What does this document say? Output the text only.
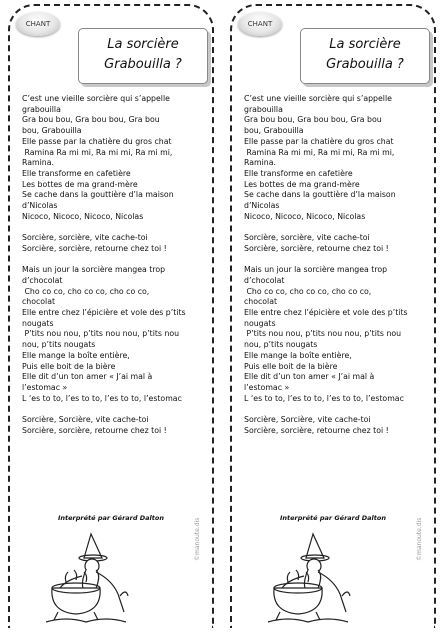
CHANT
La sorcière
Grabouilla ?
C’est une vieille sorcière qui s’appelle
grabouilla
Gra bou bou, Gra bou bou, Gra bou
bou, Grabouilla
Elle passe par la chatière du gros chat
Ramina Ra mi mi, Ra mi mi, Ra mi mi,
Ramina.
Elle transforme en cafetière
Les bottes de ma grand-mère
Se cache dans la gouttière d’la maison
d’Nicolas
Nicoco, Nicoco, Nicoco, Nicolas
Sorcière, sorcière, vite cache-toi
Sorcière, sorcière, retourne chez toi !
Mais un jour la sorcière mangea trop
d’chocolat
Cho co co, cho co co, cho co co,
chocolat
Elle entre chez l’épicière et vole des p’tits
nougats
P’tits nou nou, p’tits nou nou, p’tits nou
nou, p’tits nougats
Elle mange la boîte entière,
Puis elle boit de la bière
Elle dit d’un ton amer « J’ai mal à
l’estomac »
L ‘es to to, l’es to to, l’es to to, l’estomac
Sorcière, Sorcière, vite cache-toi
Sorcière, sorcière, retourne chez toi !
Interprété par Gérard Dalton	©manoute.dis
CHANT
La sorcière
Grabouilla ?
C’est une vieille sorcière qui s’appelle
grabouilla
Gra bou bou, Gra bou bou, Gra bou
bou, Grabouilla
Elle passe par la chatière du gros chat
Ramina Ra mi mi, Ra mi mi, Ra mi mi,
Ramina.
Elle transforme en cafetière
Les bottes de ma grand-mère
Se cache dans la gouttière d’la maison
d’Nicolas
Nicoco, Nicoco, Nicoco, Nicolas
Sorcière, sorcière, vite cache-toi
Sorcière, sorcière, retourne chez toi !
Mais un jour la sorcière mangea trop
d’chocolat
Cho co co, cho co co, cho co co,
chocolat
Elle entre chez l’épicière et vole des p’tits
nougats
P’tits nou nou, p’tits nou nou, p’tits nou
nou, p’tits nougats
Elle mange la boîte entière,
Puis elle boit de la bière
Elle dit d’un ton amer « J’ai mal à
l’estomac »
L ‘es to to, l’es to to, l’es to to, l’estomac
Sorcière, Sorcière, vite cache-toi
Sorcière, sorcière, retourne chez toi !
Interprété par Gérard Dalton	©manoute.dis
